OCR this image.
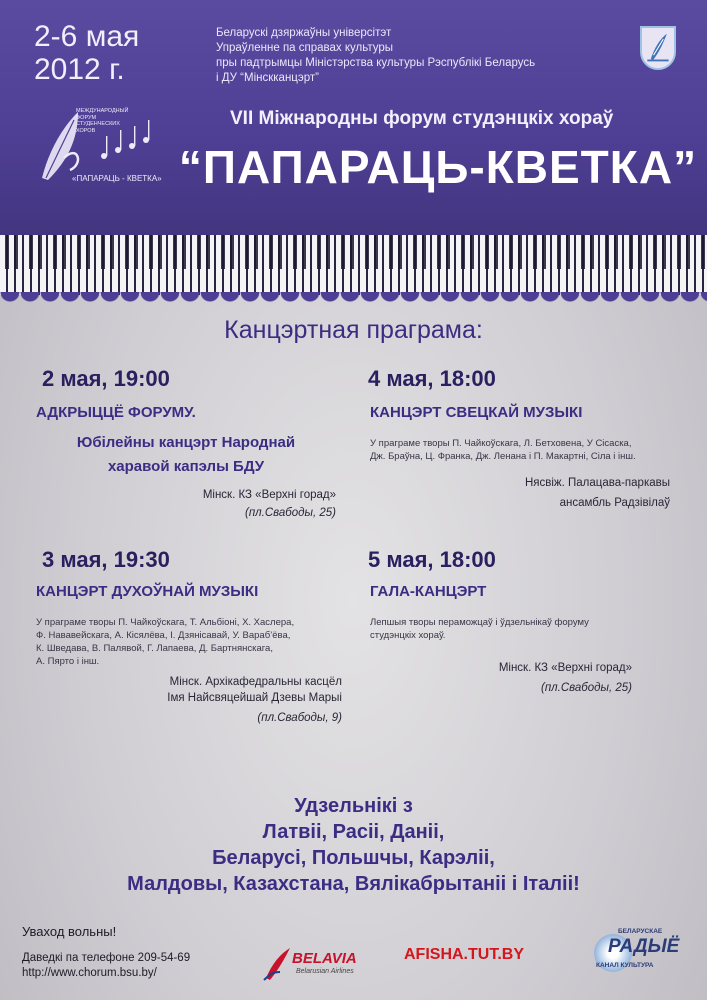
2-6 мая
2012 г.
Беларускі дзяржаўны універсітэт
Упраўленне па справах культуры
пры падтрымцы Міністэрства культуры Рэспублікі Беларусь
і ДУ “Мінскканцэрт”
МЕЖДУНАРОДНЫЙ
ФОРУМ
СТУДЕНЧЕСКИХ
ХОРОВ
«ПАПАРАЦЬ - КВЕТКА»
VII Міжнародны форум студэнцкіх хораў
“ПАПАРАЦЬ-КВЕТКА”
Канцэртная праграма:
2 мая, 19:00
АДКРЫЦЦЁ ФОРУМУ.
Юбілейны канцэрт Народнай
харавой капэлы БДУ
Мінск. КЗ «Верхні горад»
(пл.Свабоды, 25)
4 мая, 18:00
КАНЦЭРТ СВЕЦКАЙ МУЗЫКІ
У праграме творы П. Чайкоўскага, Л. Бетховена, У Сісаска,
Дж. Браўна, Ц. Франка, Дж. Ленана і П. Макартні, Сіла і інш.
Нясвіж. Палацава-паркавы
ансамбль Радзівілаў
3 мая, 19:30
КАНЦЭРТ ДУХОЎНАЙ МУЗЫКІ
У праграме творы П. Чайкоўскага, Т. Альбіоні, Х. Хаслера,
Ф. Нававейскага, А. Кісялёва, І. Дзянісавай, У. Вараб’ёва,
К. Шведава, В. Палявой, Г. Лапаева, Д. Бартнянскага,
А. Пярто і інш.
Мінск. Архікафедральны касцёл
Імя Найсвяцейшай Дзевы Марыі
(пл.Свабоды, 9)
5 мая, 18:00
ГАЛА-КАНЦЭРТ
Лепшыя творы пераможцаў і ўдзельнікаў форуму
студэнцкіх хораў.
Мінск. КЗ «Верхні горад»
(пл.Свабоды, 25)
Удзельнікі з
Латвіі, Расіі, Даніі,
Беларусі, Польшчы, Карэліі,
Малдовы, Казахстана, Вялікабрытаніі і Італіі!
Уваход вольны!
Даведкі па телефоне 209-54-69
http://www.chorum.bsu.by/
BELAVIA
Belarusian Airlines
AFISHA.TUT.BY
БЕЛАРУСКАЕ
РАДЫЁ
КАНАЛ КУЛЬТУРА
